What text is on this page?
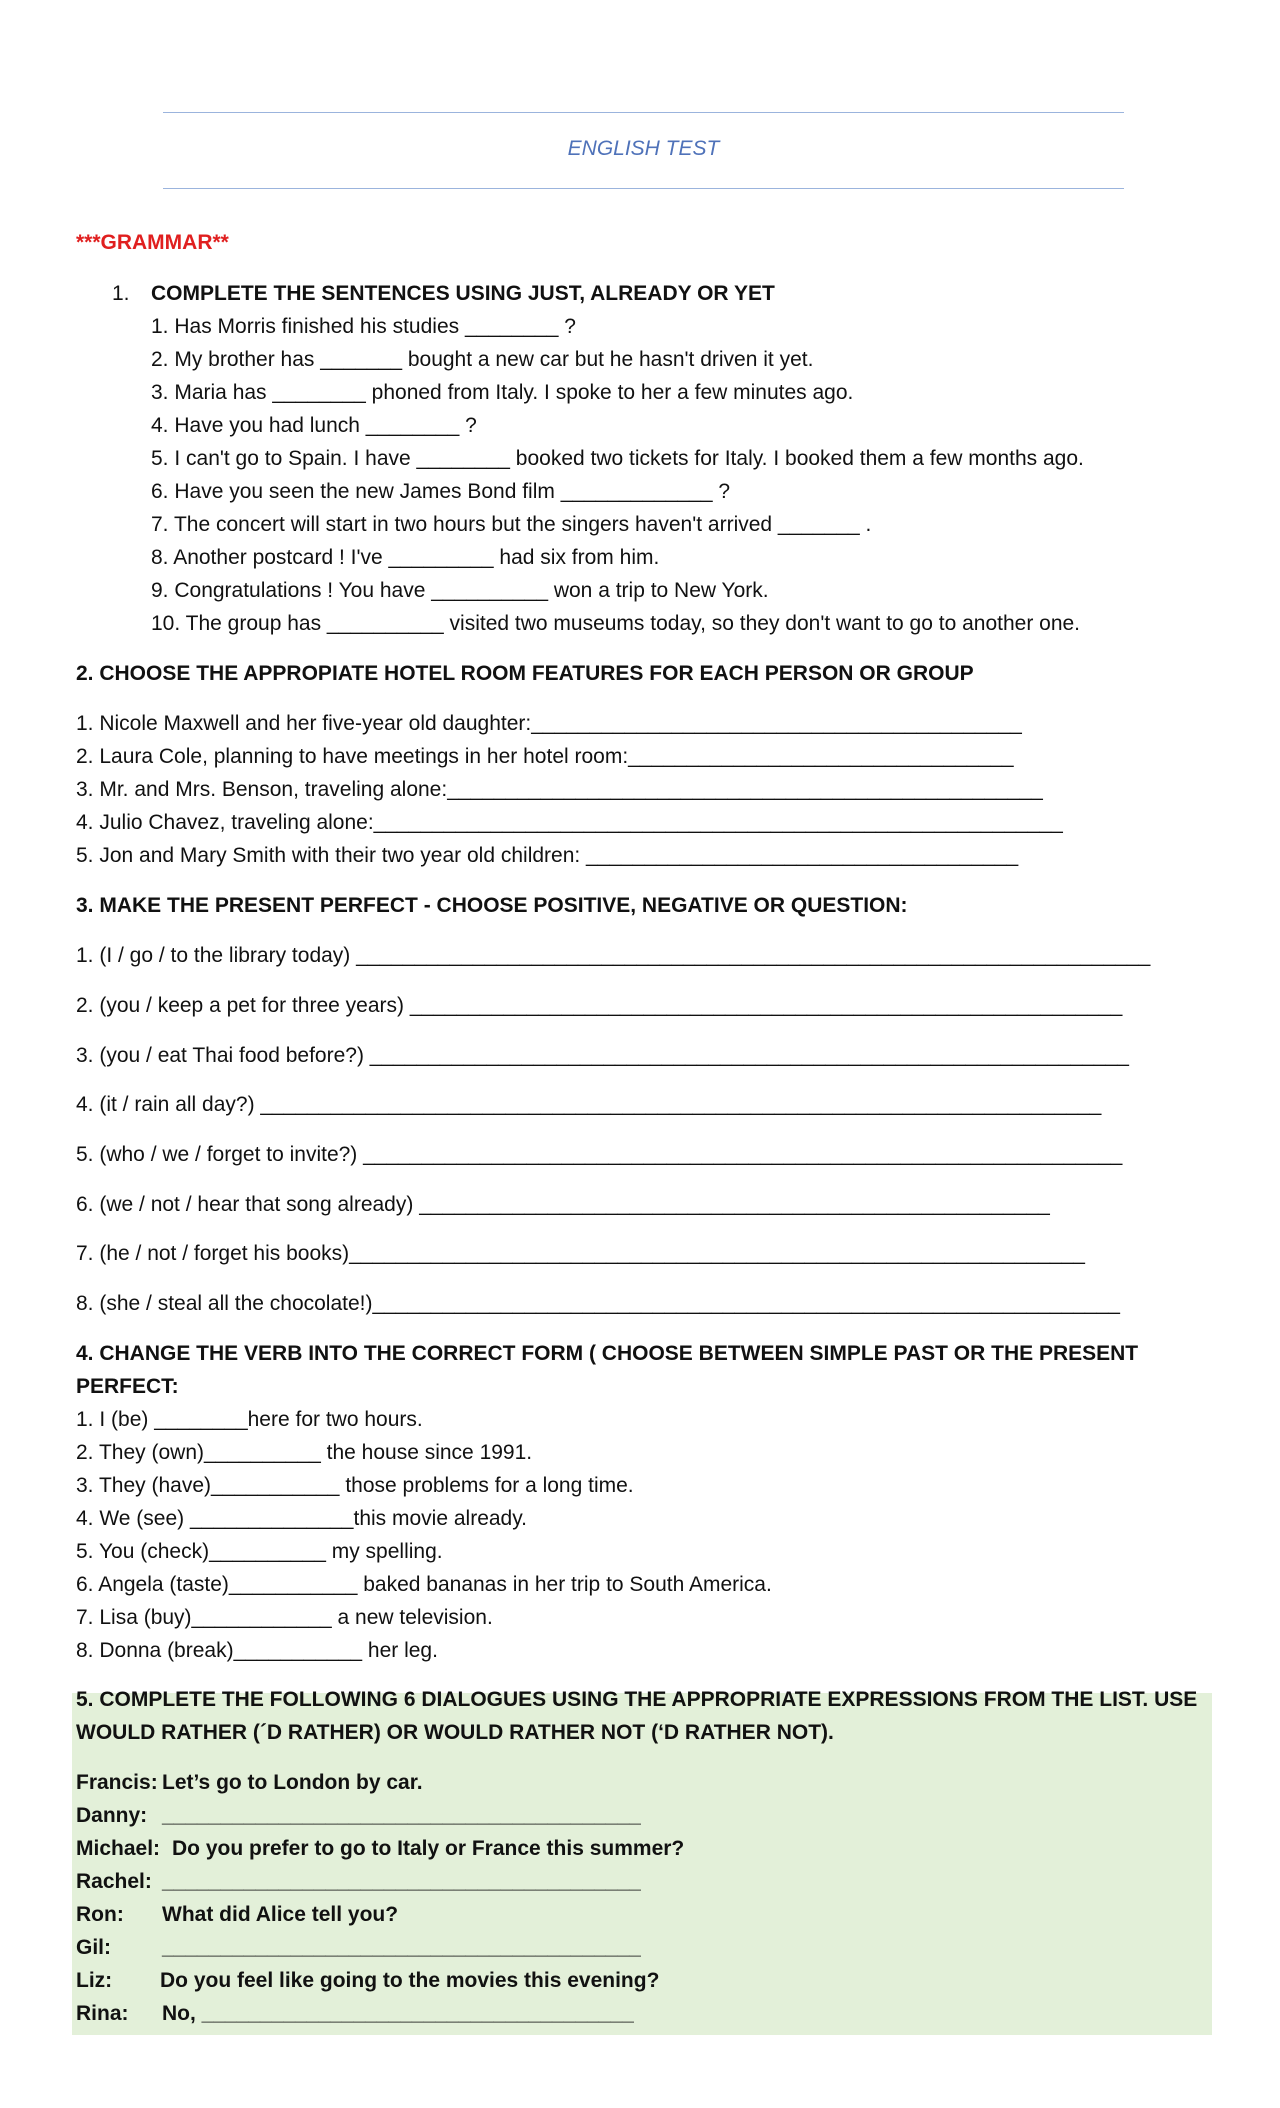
ENGLISH TEST
***GRAMMAR**
1. COMPLETE THE SENTENCES USING JUST, ALREADY OR YET
1. Has Morris finished his studies ________ ?
2. My brother has _______ bought a new car but he hasn't driven it yet.
3. Maria has ________ phoned from Italy. I spoke to her a few minutes ago.
4. Have you had lunch ________ ?
5. I can't go to Spain. I have ________ booked two tickets for Italy. I booked them a few months ago.
6. Have you seen the new James Bond film _____________ ?
7. The concert will start in two hours but the singers haven't arrived _______ .
8. Another postcard ! I've _________ had six from him.
9. Congratulations ! You have __________ won a trip to New York.
10. The group has __________ visited two museums today, so they don't want to go to another one.
2. CHOOSE THE APPROPIATE HOTEL ROOM FEATURES FOR EACH PERSON OR GROUP
1. Nicole Maxwell and her five-year old daughter:__________________________________________
2. Laura Cole, planning to have meetings in her hotel room:_________________________________
3. Mr. and Mrs. Benson, traveling alone:___________________________________________________
4. Julio Chavez, traveling alone:___________________________________________________________
5. Jon and Mary Smith with their two year old children: _____________________________________
3. MAKE THE PRESENT PERFECT - CHOOSE POSITIVE, NEGATIVE OR QUESTION:
1. (I / go / to the library today) ____________________________________________________________________
2. (you / keep a pet for three years) _____________________________________________________________
3. (you / eat Thai food before?) _________________________________________________________________
4. (it / rain all day?) ________________________________________________________________________
5. (who / we / forget to invite?) _________________________________________________________________
6. (we / not / hear that song already) ______________________________________________________
7. (he / not / forget his books)_______________________________________________________________
8. (she / steal all the chocolate!)________________________________________________________________
4. CHANGE THE VERB INTO THE CORRECT FORM ( CHOOSE BETWEEN SIMPLE PAST OR THE PRESENT
PERFECT:
1. I (be) ________here for two hours.
2. They (own)__________ the house since 1991.
3. They (have)___________ those problems for a long time.
4. We (see) ______________this movie already.
5. You (check)__________ my spelling.
6. Angela (taste)___________ baked bananas in her trip to South America.
7. Lisa (buy)____________ a new television.
8. Donna (break)___________ her leg.
5. COMPLETE THE FOLLOWING 6 DIALOGUES USING THE APPROPRIATE EXPRESSIONS FROM THE LIST. USE
WOULD RATHER (´D RATHER) OR WOULD RATHER NOT (‘D RATHER NOT).
Francis: Let’s go to London by car.
Danny: _________________________________________
Michael: Do you prefer to go to Italy or France this summer?
Rachel: _________________________________________
Ron: What did Alice tell you?
Gil: _________________________________________
Liz: Do you feel like going to the movies this evening?
Rina: No, _____________________________________
